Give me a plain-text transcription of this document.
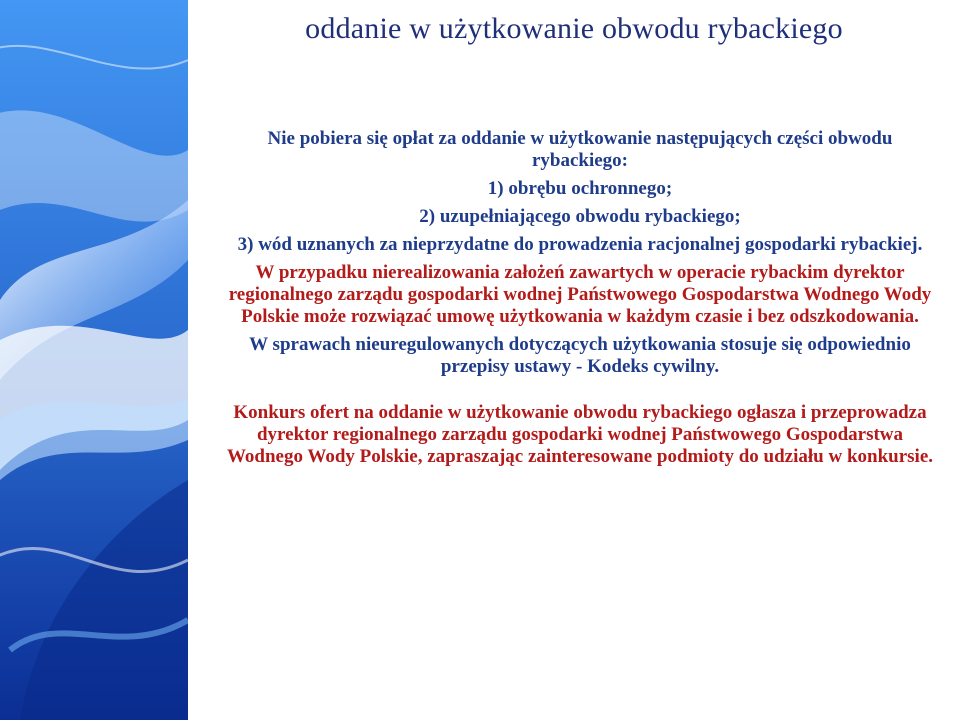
oddanie w użytkowanie obwodu rybackiego

Nie pobiera się opłat za oddanie w użytkowanie następujących części obwodu rybackiego:

1) obrębu ochronnego;

2) uzupełniającego obwodu rybackiego;

3) wód uznanych za nieprzydatne do prowadzenia racjonalnej gospodarki rybackiej.

W przypadku nierealizowania założeń zawartych w operacie rybackim dyrektor regionalnego zarządu gospodarki wodnej Państwowego Gospodarstwa Wodnego Wody Polskie może rozwiązać umowę użytkowania w każdym czasie i bez odszkodowania.

W sprawach nieuregulowanych dotyczących użytkowania stosuje się odpowiednio przepisy ustawy - Kodeks cywilny.

Konkurs ofert na oddanie w użytkowanie obwodu rybackiego ogłasza i przeprowadza dyrektor regionalnego zarządu gospodarki wodnej Państwowego Gospodarstwa Wodnego Wody Polskie, zapraszając zainteresowane podmioty do udziału w konkursie.
